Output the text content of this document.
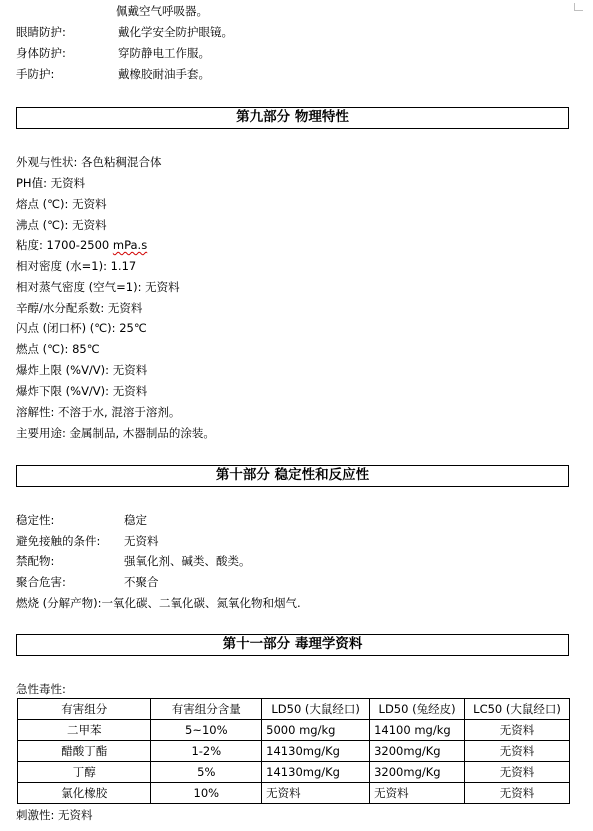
佩戴空气呼吸器。
眼睛防护:	戴化学安全防护眼镜。
身体防护:	穿防静电工作服。
手防护:	戴橡胶耐油手套。
第九部分 物理特性
外观与性状: 各色粘稠混合体
PH值: 无资料
熔点 (℃): 无资料
沸点 (℃): 无资料
粘度: 1700-2500 mPa.s
相对密度 (水=1): 1.17
相对蒸气密度 (空气=1): 无资料
辛醇/水分配系数: 无资料
闪点 (闭口杯) (℃): 25℃
燃点 (℃): 85℃
爆炸上限 (%V/V): 无资料
爆炸下限 (%V/V): 无资料
溶解性: 不溶于水, 混溶于溶剂。
主要用途: 金属制品, 木器制品的涂装。
第十部分 稳定性和反应性
稳定性:	稳定
避免接触的条件: 无资料
禁配物:	强氧化剂、碱类、酸类。
聚合危害:	不聚合
燃烧 (分解产物):一氧化碳、二氧化碳、氮氧化物和烟气.
第十一部分 毒理学资料
急性毒性:
有害组分	有害组分含量	LD50 (大鼠经口)	LD50 (兔经皮)	LC50 (大鼠经口)
二甲苯	5~10%	5000 mg/kg	14100 mg/kg	无资料
醋酸丁酯	1-2%	14130mg/Kg	3200mg/Kg	无资料
丁醇	5%	14130mg/Kg	3200mg/Kg	无资料
氯化橡胶	10%	无资料	无资料	无资料
刺激性: 无资料
